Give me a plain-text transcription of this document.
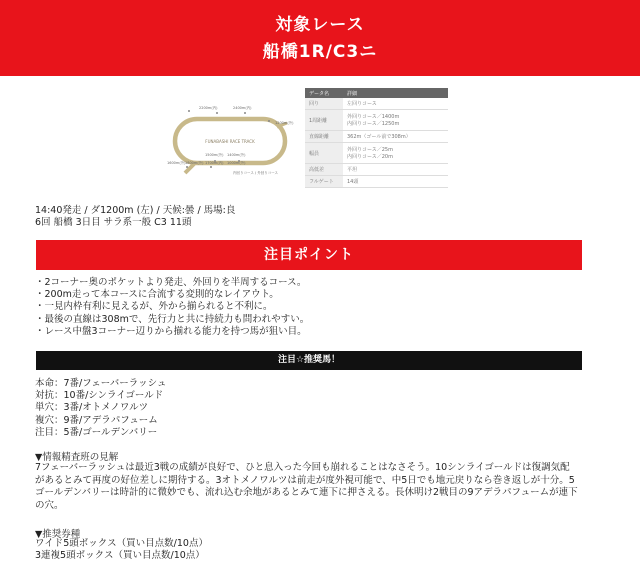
対象レース
船橋1R/C3ニ
FUNABASHI RACE TRACK
2200m(内)	2400m(内)
1200m(外)
1500m(外) 1400m(外)
1600m(外) 1800m(外) 1700m(内) 1000m(外)
内回りコース / 外回りコース
データ名	詳細
回り	左回りコース
1周距離	外回りコース／1400m
内回りコース／1250m

直線距離	362m（ゴール前で308m）
幅員	外回りコース／25m
内回りコース／20m

高低差	平坦
フルゲート	14頭
14:40発走 / ダ1200m (左) / 天候:曇 / 馬場:良
6回 船橋 3日目 サラ系一般 C3 11頭
注目ポイント
・2コーナー奥のポケットより発走、外回りを半周するコース。
・200m走って本コースに合流する変則的なレイアウト。
・一見内枠有利に見えるが、外から揃られると不利に。
・最後の直線は308mで、先行力と共に持続力も問われやすい。
・レース中盤3コーナー辺りから揃れる能力を持つ馬が狙い目。
注目☆推奨馬！
本命：7番/フェーバーラッシュ
対抗：10番/シンライゴールド
単穴：3番/オトメノワルツ
複穴：9番/アデラパフューム
注目：5番/ゴールデンバリー
▼情報精査班の見解
7フェーバーラッシュは最近3戦の成績が良好で、ひと息入った今回も崩れることはなさそう。10シンライゴールドは復調気配
があるとみて再度の好位差しに期待する。3オトメノワルツは前走が度外視可能で、中5日でも地元戻りなら巻き返しが十分。5
ゴールデンバリーは時計的に微妙でも、流れ込む余地があるとみて連下に押さえる。長休明け2戦目の9アデラパフュームが連下
の穴。
▼推奨券種
ワイド5頭ボックス（買い目点数/10点）
3連複5頭ボックス（買い目点数/10点）
